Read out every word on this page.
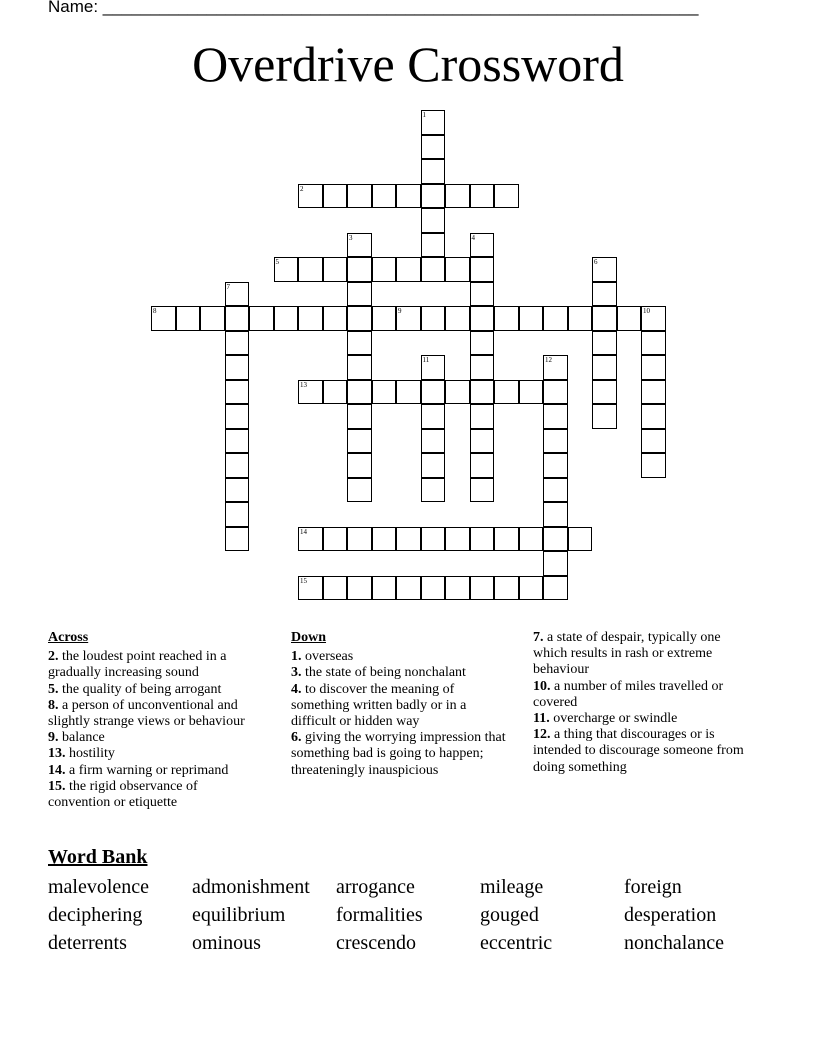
Name: _______________________________________________________________
Overdrive Crossword
1
2
3	4
5	6
7
8	9	10
11	12
13
14
15
Across
2. the loudest point reached in a gradually increasing sound
5. the quality of being arrogant
8. a person of unconventional and slightly strange views or behaviour
9. balance
13. hostility
14. a firm warning or reprimand
15. the rigid observance of convention or etiquette
Down
1. overseas
3. the state of being nonchalant
4. to discover the meaning of something written badly or in a difficult or hidden way
6. giving the worrying impression that something bad is going to happen; threateningly inauspicious
7. a state of despair, typically one which results in rash or extreme behaviour
10. a number of miles travelled or covered
11. overcharge or swindle
12. a thing that discourages or is intended to discourage someone from doing something
Word Bank
malevolence admonishment arrogance	mileage	foreign
deciphering equilibrium	formalities	gouged	desperation
deterrents	ominous	crescendo	eccentric	nonchalance
